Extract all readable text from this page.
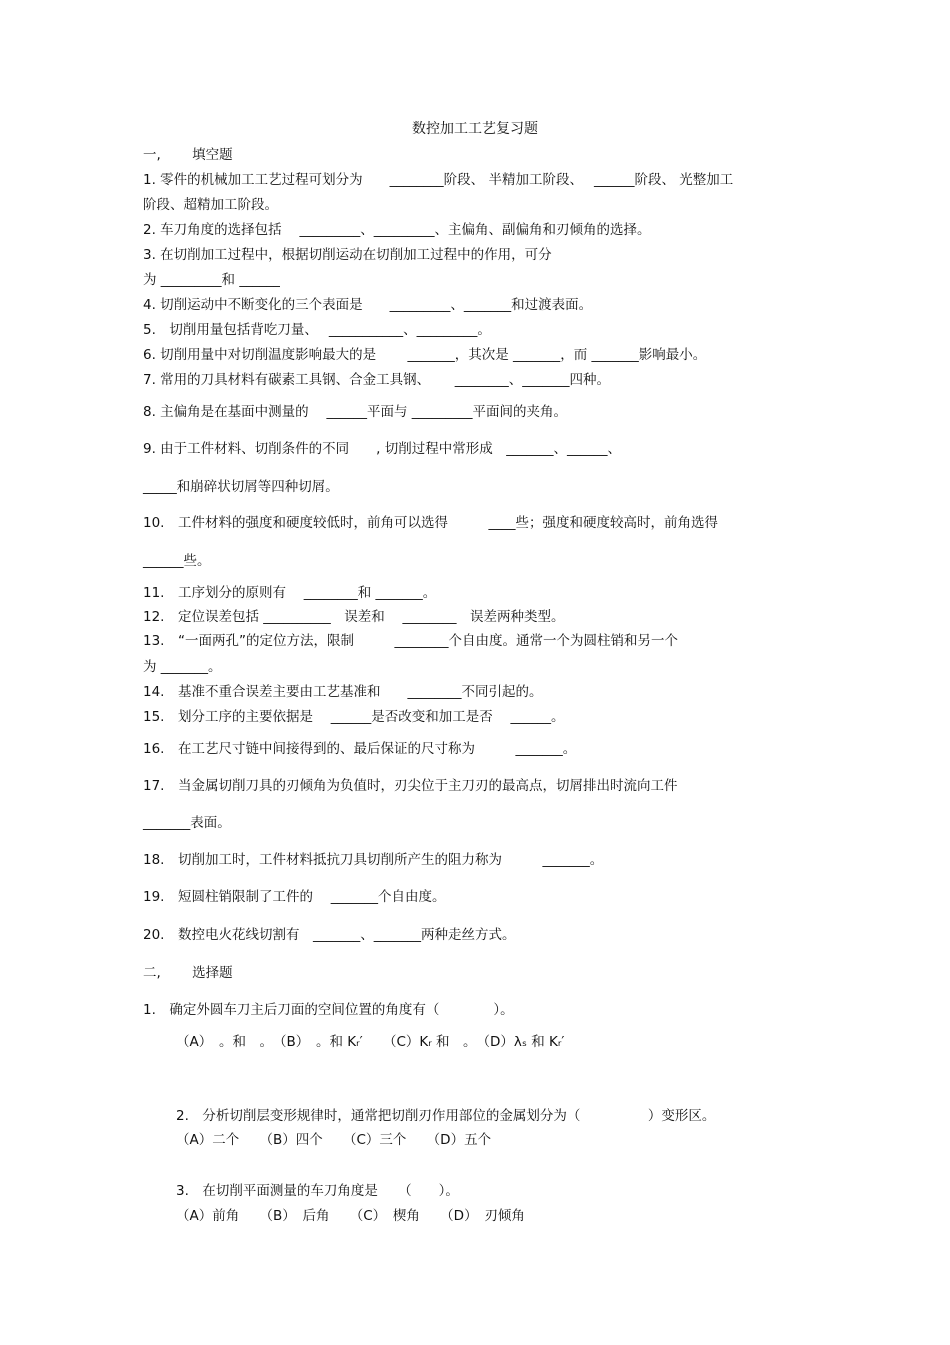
数控加工工艺复习题
一,　　 填空题
1. 零件的机械加工工艺过程可划分为　　________阶段、 半精加工阶段、　 ______阶段、 光整加工
阶段、超精加工阶段。
2. 车刀角度的选择包括　 _________、_________、主偏角、副偏角和刃倾角的选择。
3. 在切削加工过程中，根据切削运动在切削加工过程中的作用，可分
为 _________和 ______
4. 切削运动中不断变化的三个表面是　　_________、_______和过渡表面。
5.　切削用量包括背吃刀量、　 ___________、_________。
6. 切削用量中对切削温度影响最大的是　　 _______，其次是 _______，而 _______影响最小。
7. 常用的刀具材料有碳素工具钢、合金工具钢、　　 ________、_______四种。
8. 主偏角是在基面中测量的　 ______平面与 _________平面间的夹角。
9. 由于工件材料、切削条件的不同　　, 切削过程中常形成　_______、______、
_____和崩碎状切屑等四种切屑。
10.　工件材料的强度和硬度较低时，前角可以选得　　　____些；强度和硬度较高时，前角选得
______些。
11.　工序划分的原则有　 ________和 _______。
12.　定位误差包括 __________　误差和　 ________　误差两种类型。
13.　“一面两孔”的定位方法，限制　　　________个自由度。通常一个为圆柱销和另一个
为 _______。
14.　基准不重合误差主要由工艺基准和　　________不同引起的。
15.　划分工序的主要依据是　 ______是否改变和加工是否　 ______。
16.　在工艺尺寸链中间接得到的、最后保证的尺寸称为　　　_______。
17.　当金属切削刀具的刃倾角为负值时，刃尖位于主刀刃的最高点，切屑排出时流向工件
_______表面。
18.　切削加工时，工件材料抵抗刀具切削所产生的阻力称为　　　_______。
19.　短圆柱销限制了工件的　 _______个自由度。
20.　数控电火花线切割有　_______、_______两种走丝方式。
二,　　 选择题
1.　确定外圆车刀主后刀面的空间位置的角度有（　　　　）。
（A）　。和　。　（B）　。和 Kᵣ′　　（C）Kᵣ 和　。　（D）λₛ 和 Kᵣ′
2.　分析切削层变形规律时，通常把切削刃作用部位的金属划分为（　　　　　）变形区。
（A）二个　　（B）四个　　（C）三个　　（D）五个
3.　在切削平面测量的车刀角度是　　（　　）。
（A）前角　　（B）　后角　　（C）　楔角　　（D）　刃倾角
